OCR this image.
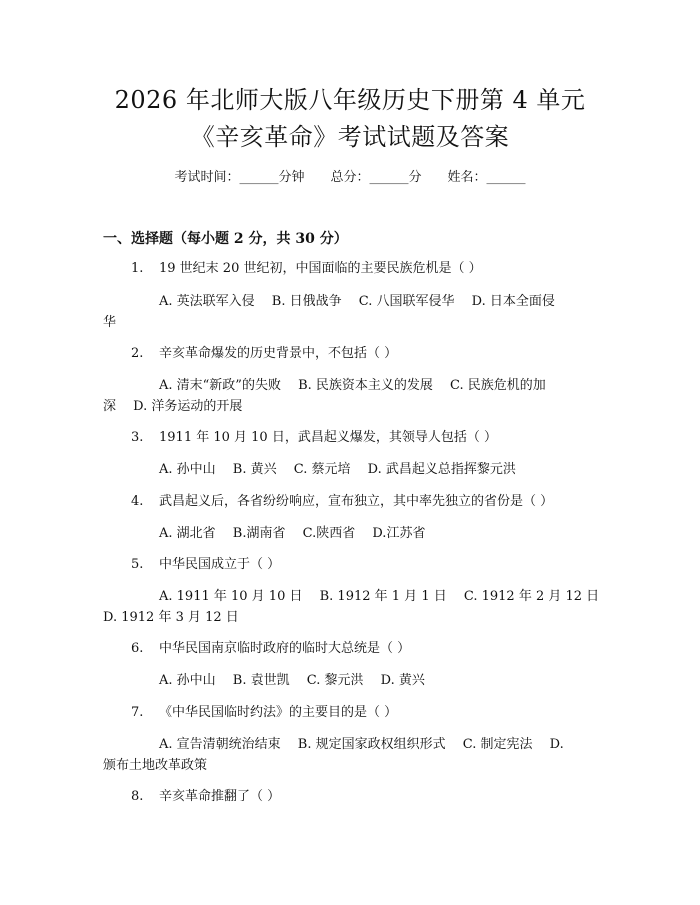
2026 年北师大版八年级历史下册第 4 单元
《辛亥革命》考试试题及答案
考试时间：______分钟　　总分：______分　　姓名：______
一、选择题（每小题 2 分，共 30 分）
1. 19 世纪末 20 世纪初，中国面临的主要民族危机是（ ）
A. 英法联军入侵　 B. 日俄战争　 C. 八国联军侵华　 D. 日本全面侵
华
2. 辛亥革命爆发的历史背景中，不包括（ ）
A. 清末“新政”的失败　 B. 民族资本主义的发展　 C. 民族危机的加
深　 D. 洋务运动的开展
3. 1911 年 10 月 10 日，武昌起义爆发，其领导人包括（ ）
A. 孙中山　 B. 黄兴　 C. 蔡元培　 D. 武昌起义总指挥黎元洪
4. 武昌起义后，各省纷纷响应，宣布独立，其中率先独立的省份是（ ）
A. 湖北省　 B.湖南省　 C.陕西省　 D.江苏省
5. 中华民国成立于（ ）
A. 1911 年 10 月 10 日　 B. 1912 年 1 月 1 日　 C. 1912 年 2 月 12 日
D. 1912 年 3 月 12 日
6. 中华民国南京临时政府的临时大总统是（ ）
A. 孙中山　 B. 袁世凯　 C. 黎元洪　 D. 黄兴
7. 《中华民国临时约法》的主要目的是（ ）
A. 宣告清朝统治结束　 B. 规定国家政权组织形式　 C. 制定宪法　 D.
颁布土地改革政策
8. 辛亥革命推翻了（ ）
